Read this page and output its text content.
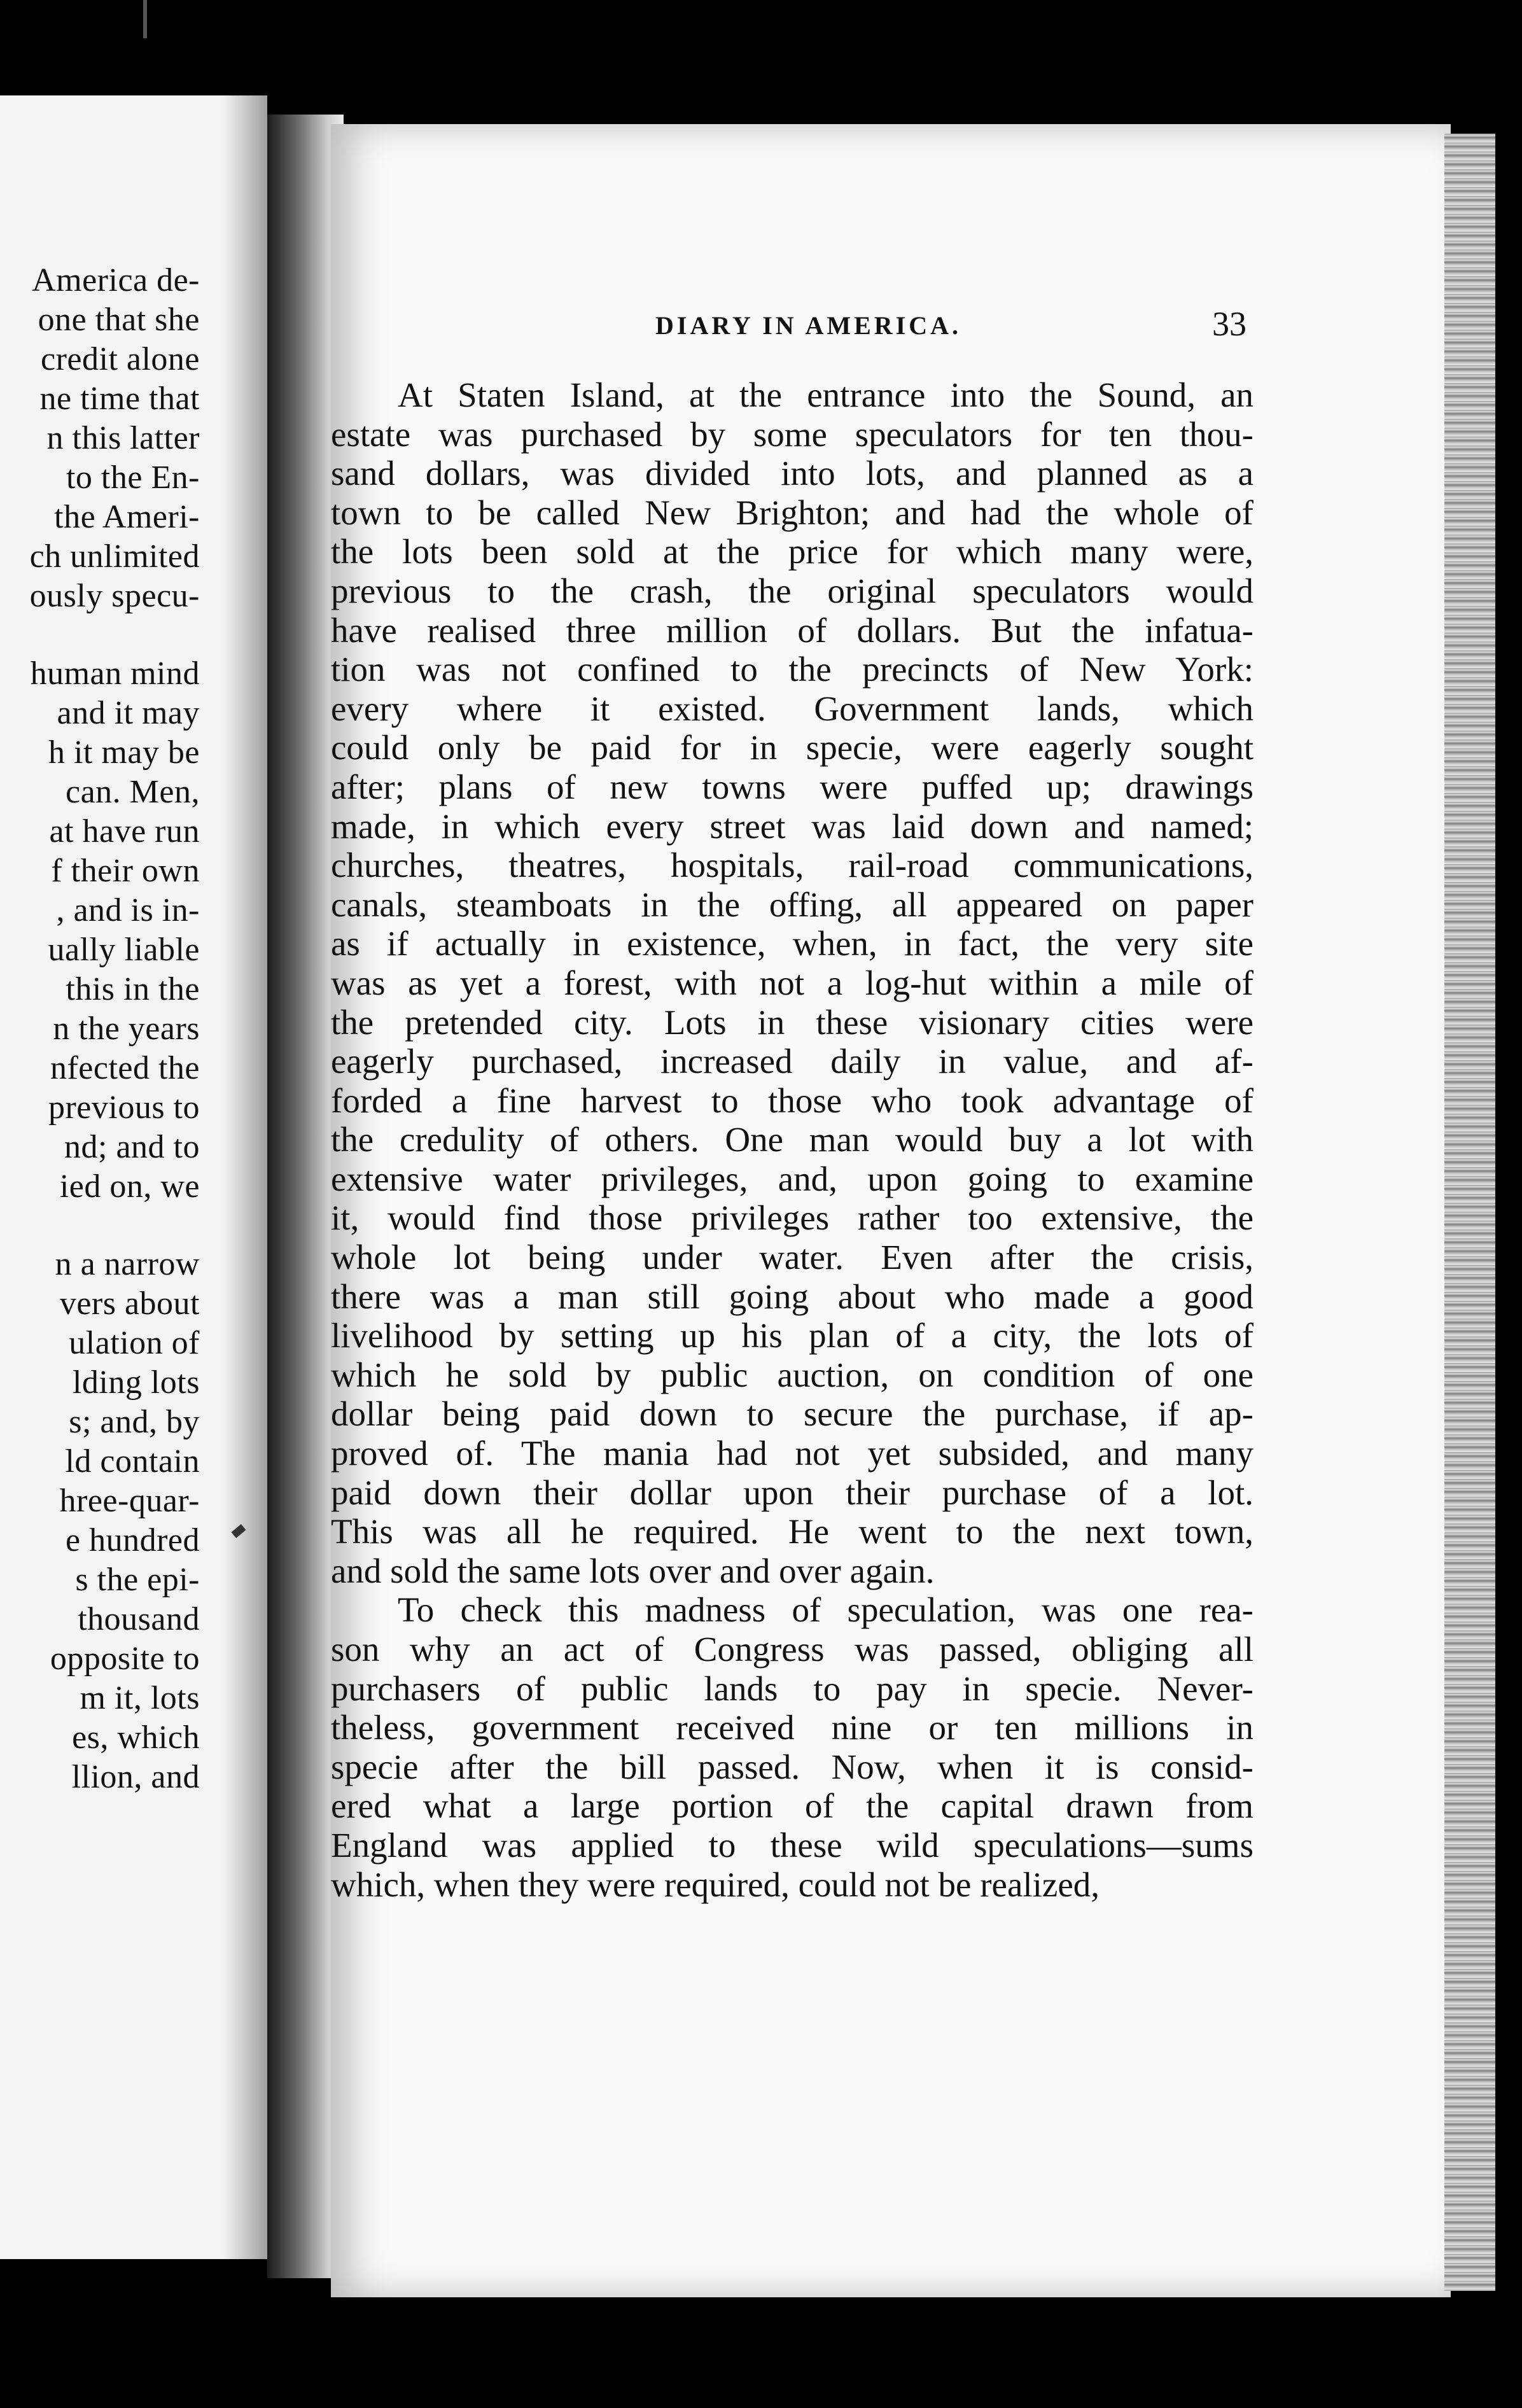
America de-
one that she
credit alone
ne time that
n this latter
to the En-
the Ameri-
ch unlimited
ously specu-
human mind
and it may
h it may be
can. Men,
at have run
f their own
, and is in-
ually liable
this in the
n the years
nfected the
previous to
nd; and to
ied on, we
n a narrow
vers about
ulation of
lding lots
s; and, by
ld contain
hree-quar-
e hundred
s the epi-
thousand
opposite to
m it, lots
es, which
llion, and
DIARY IN AMERICA.	33
At Staten Island, at the entrance into the Sound, an
estate was purchased by some speculators for ten thou-
sand dollars, was divided into lots, and planned as a
town to be called New Brighton; and had the whole of
the lots been sold at the price for which many were,
previous to the crash, the original speculators would
have realised three million of dollars. But the infatua-
tion was not confined to the precincts of New York:
every where it existed. Government lands, which
could only be paid for in specie, were eagerly sought
after; plans of new towns were puffed up; drawings
made, in which every street was laid down and named;
churches, theatres, hospitals, rail-road communications,
canals, steamboats in the offing, all appeared on paper
as if actually in existence, when, in fact, the very site
was as yet a forest, with not a log-hut within a mile of
the pretended city. Lots in these visionary cities were
eagerly purchased, increased daily in value, and af-
forded a fine harvest to those who took advantage of
the credulity of others. One man would buy a lot with
extensive water privileges, and, upon going to examine
it, would find those privileges rather too extensive, the
whole lot being under water. Even after the crisis,
there was a man still going about who made a good
livelihood by setting up his plan of a city, the lots of
which he sold by public auction, on condition of one
dollar being paid down to secure the purchase, if ap-
proved of. The mania had not yet subsided, and many
paid down their dollar upon their purchase of a lot.
This was all he required. He went to the next town,
and sold the same lots over and over again.
To check this madness of speculation, was one rea-
son why an act of Congress was passed, obliging all
purchasers of public lands to pay in specie. Never-
theless, government received nine or ten millions in
specie after the bill passed. Now, when it is consid-
ered what a large portion of the capital drawn from
England was applied to these wild speculations—sums
which, when they were required, could not be realized,
